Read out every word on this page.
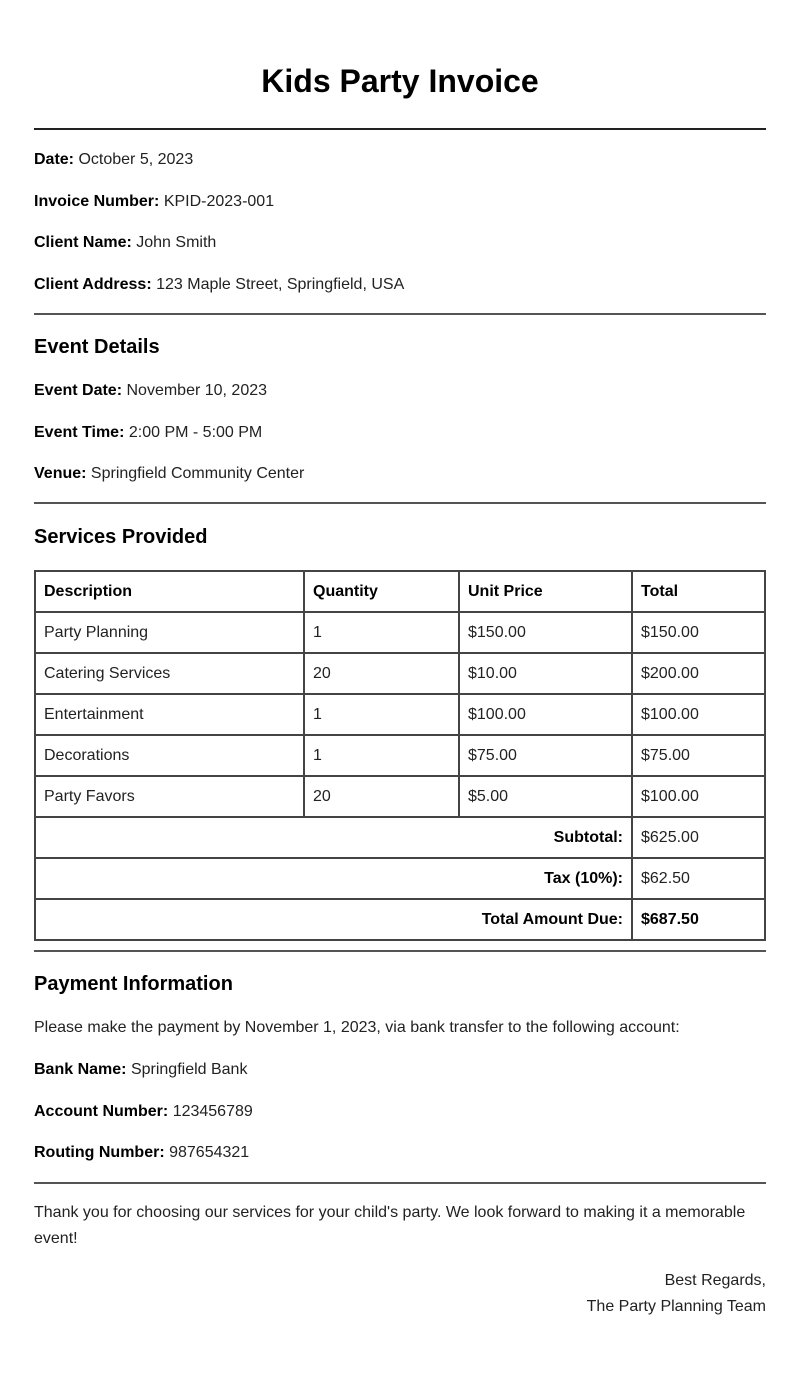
Kids Party Invoice

Date: October 5, 2023

Invoice Number: KPID-2023-001

Client Name: John Smith

Client Address: 123 Maple Street, Springfield, USA

Event Details

Event Date: November 10, 2023

Event Time: 2:00 PM - 5:00 PM

Venue: Springfield Community Center

Services Provided
Description	Quantity	Unit Price	Total
Party Planning	1	$150.00	$150.00
Catering Services	20	$10.00	$200.00
Entertainment	1	$100.00	$100.00
Decorations	1	$75.00	$75.00
Party Favors	20	$5.00	$100.00
Subtotal:			$625.00
Tax (10%):			$62.50
Total Amount Due:			$687.50
Payment Information

Please make the payment by November 1, 2023, via bank transfer to the following account:

Bank Name: Springfield Bank

Account Number: 123456789

Routing Number: 987654321

Thank you for choosing our services for your child's party. We look forward to making it a memorable event!

Best Regards,

The Party Planning Team
